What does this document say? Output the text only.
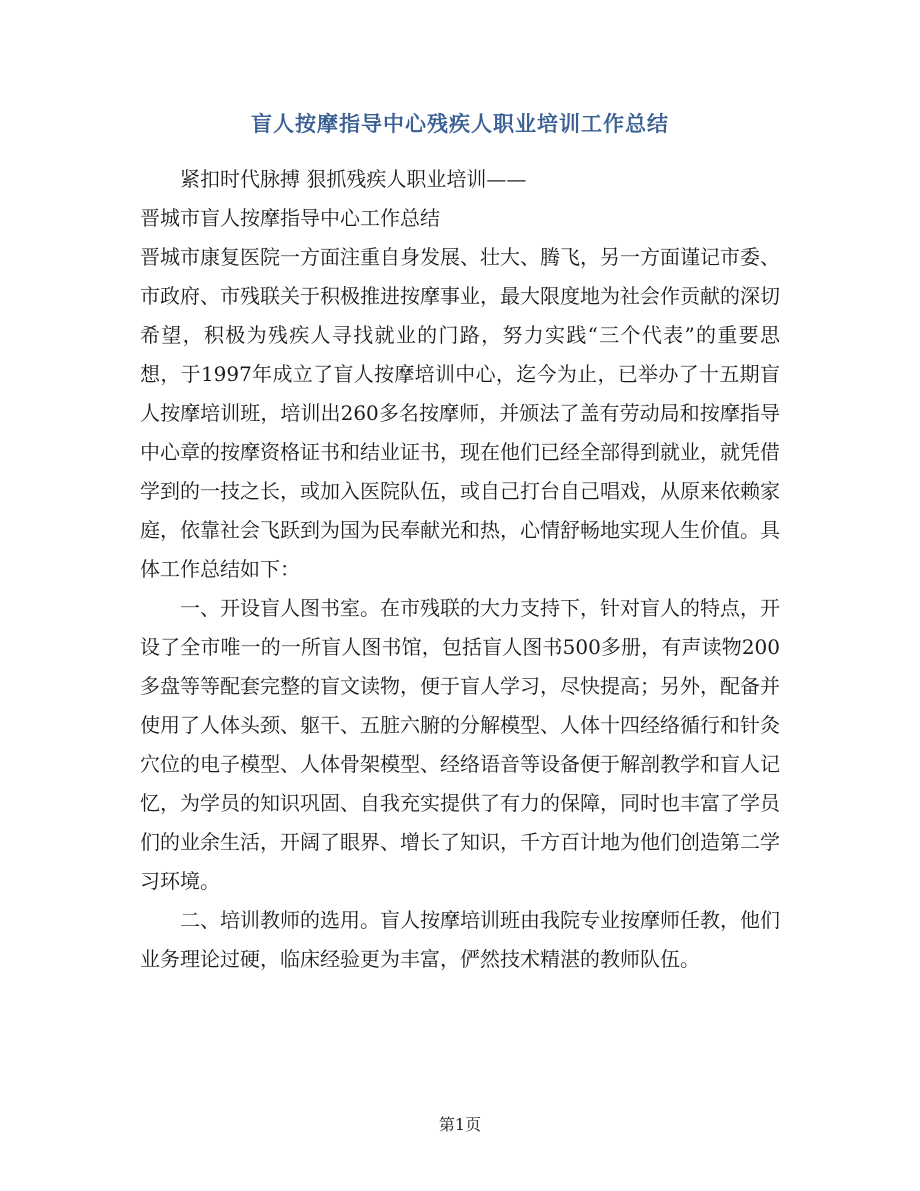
盲人按摩指导中心残疾人职业培训工作总结

紧扣时代脉搏 狠抓残疾人职业培训——

晋城市盲人按摩指导中心工作总结

晋城市康复医院一方面注重自身发展、壮大、腾飞，另一方面谨记市委、市政府、市残联关于积极推进按摩事业，最大限度地为社会作贡献的深切希望，积极为残疾人寻找就业的门路，努力实践“三个代表”的重要思想，于1997年成立了盲人按摩培训中心，迄今为止，已举办了十五期盲人按摩培训班，培训出260多名按摩师，并颁法了盖有劳动局和按摩指导中心章的按摩资格证书和结业证书，现在他们已经全部得到就业，就凭借学到的一技之长，或加入医院队伍，或自己打台自己唱戏，从原来依赖家庭，依靠社会飞跃到为国为民奉献光和热，心情舒畅地实现人生价值。具体工作总结如下：

一、开设盲人图书室。在市残联的大力支持下，针对盲人的特点，开设了全市唯一的一所盲人图书馆，包括盲人图书500多册，有声读物200多盘等等配套完整的盲文读物，便于盲人学习，尽快提高；另外，配备并使用了人体头颈、躯干、五脏六腑的分解模型、人体十四经络循行和针灸穴位的电子模型、人体骨架模型、经络语音等设备便于解剖教学和盲人记忆，为学员的知识巩固、自我充实提供了有力的保障，同时也丰富了学员们的业余生活，开阔了眼界、增长了知识，千方百计地为他们创造第二学习环境。

二、培训教师的选用。盲人按摩培训班由我院专业按摩师任教，他们业务理论过硬，临床经验更为丰富，俨然技术精湛的教师队伍。

第1页
